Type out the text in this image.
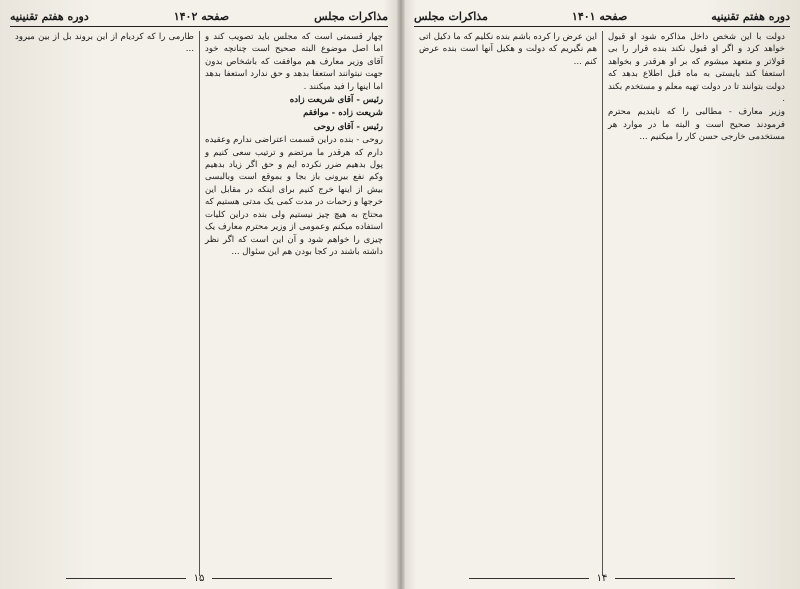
مذاکرات مجلس
صفحه ۱۴۰۲
دوره هفتم تقنینیه

چهار قسمتی است که مجلس باید تصویب کند و اما اصل موضوع البته صحیح است چنانچه خود آقای وزیر معارف هم موافقت که باشخاص بدون جهت نبتوانند استعفا بدهد و حق ندارد استعفا بدهد اما اینها را فید میکنند .

رئیس - آقای شریعت زاده

شریعت زاده - موافقم

رئیس - آقای روحی

روحی - بنده دراین قسمت اعتراضی ندارم وعقیده دارم که هرقدر ما مرتضم و ترتیب سعی کنیم و پول بدهیم ضرر نکرده ایم و حق اگر زیاد بدهیم وکم نفع بیرونی باز بجا و بموقع است وبالبسی بیش از اینها خرج کنیم برای اینکه در مقابل این خرجها و زحمات در مدت کمی یک مدتی هستیم که محتاج به هیچ چیز نیستیم ولی بنده دراین کلیات استفاده میکنم وعمومی از وزیر محترم معارف یک چیزی را خواهم شود و آن این است که اگر نظر داشته باشند در کجا بودن هم این سئوال ...

طارمی را که کردیام از این بروند بل از بین میرود ...

۱۵
دوره هفتم تقنینیه
صفحه ۱۴۰۱
مذاکرات مجلس

دولت با این شخص داخل مذاکره شود او قبول خواهد کرد و اگر او قبول نکند بنده قرار را بی قولاتر و متعهد میشوم که بر او هرقدر و بخواهد استعفا کند بایستی به ماه قبل اطلاع بدهد که دولت بتوانند تا در دولت تهیه معلم و مستخدم بکند .

وزیر معارف - مطالبی را که نایندیم محترم فرمودند صحیح است و البته ما در موارد هر مستخدمی خارجی حسن کار را میکنیم ...

این عرض را کرده باشم بنده نکلیم که ما دکیل اتی هم نگیریم که دولت و هکیل آنها است بنده عرض کنم ...

۱۴
